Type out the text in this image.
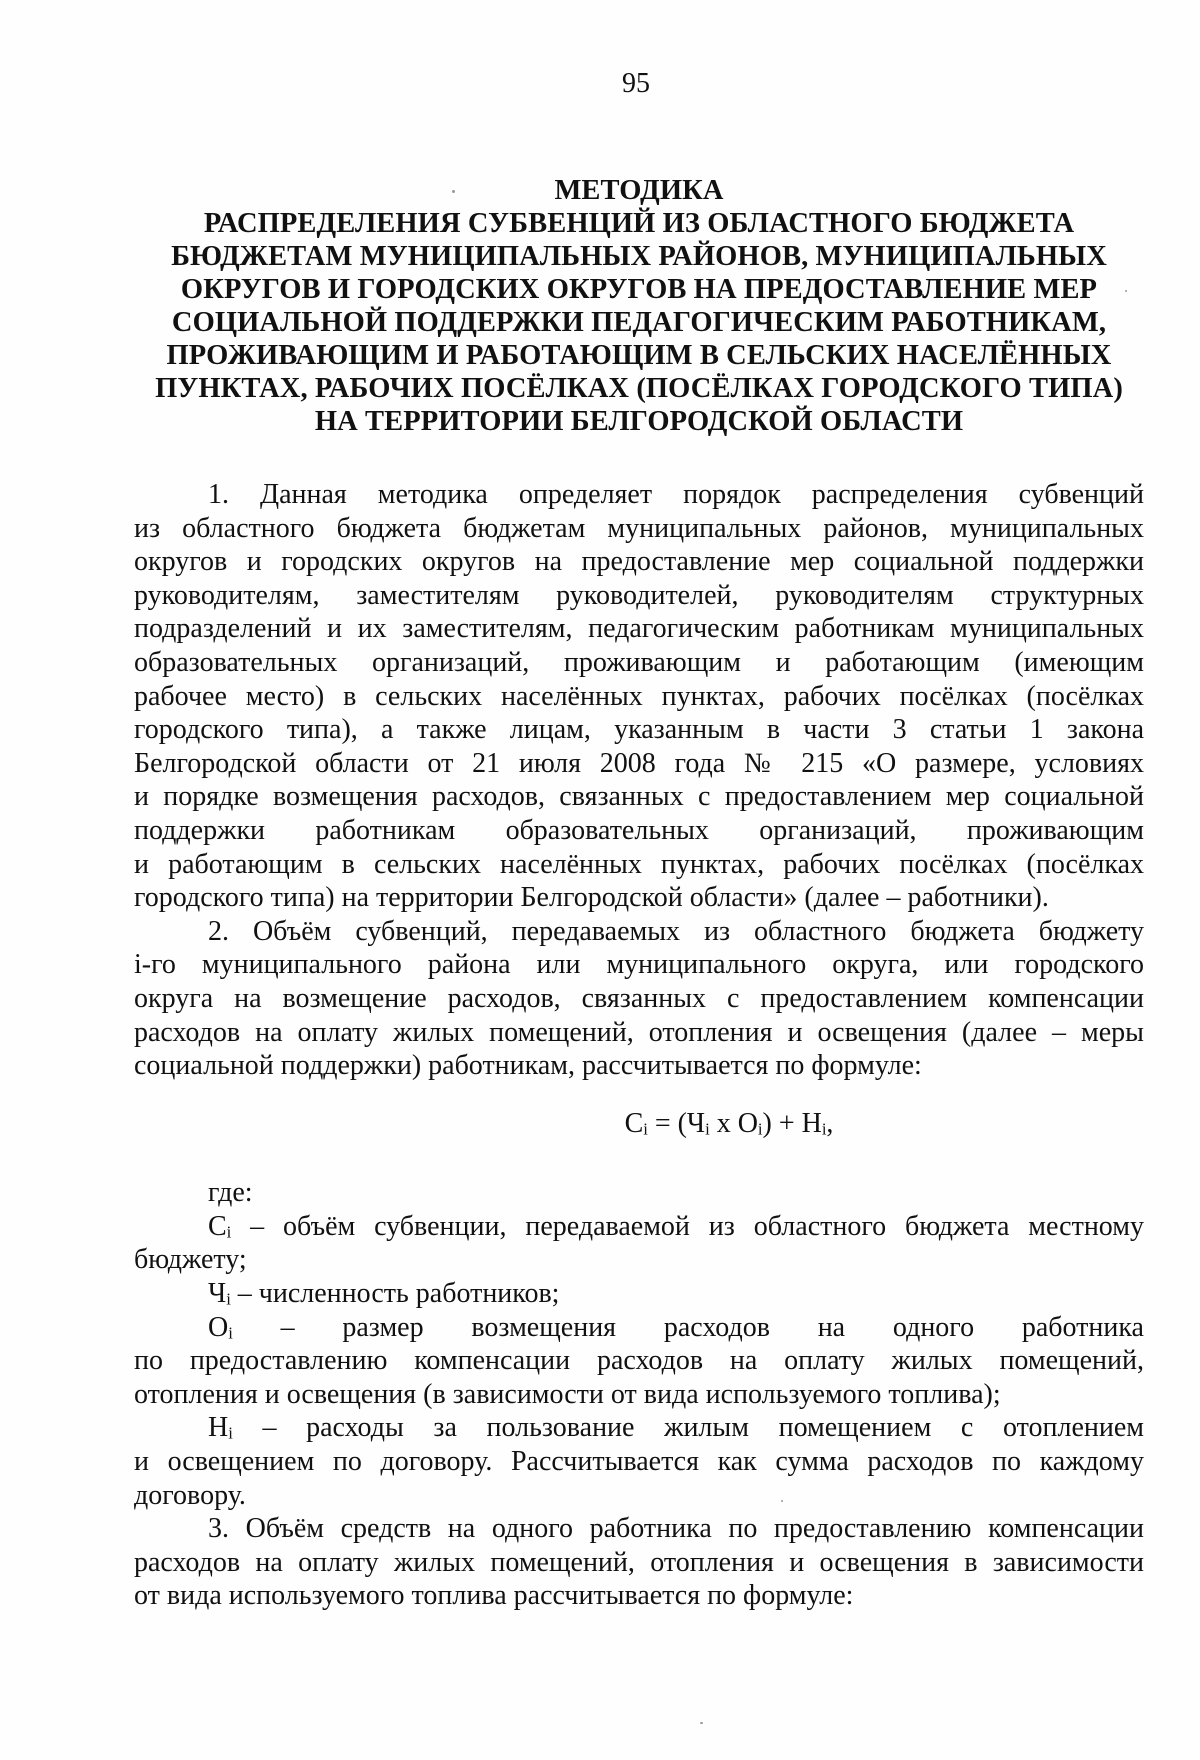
95
МЕТОДИКА
РАСПРЕДЕЛЕНИЯ СУБВЕНЦИЙ ИЗ ОБЛАСТНОГО БЮДЖЕТА
БЮДЖЕТАМ МУНИЦИПАЛЬНЫХ РАЙОНОВ, МУНИЦИПАЛЬНЫХ
ОКРУГОВ И ГОРОДСКИХ ОКРУГОВ НА ПРЕДОСТАВЛЕНИЕ МЕР
СОЦИАЛЬНОЙ ПОДДЕРЖКИ ПЕДАГОГИЧЕСКИМ РАБОТНИКАМ,
ПРОЖИВАЮЩИМ И РАБОТАЮЩИМ В СЕЛЬСКИХ НАСЕЛЁННЫХ
ПУНКТАХ, РАБОЧИХ ПОСЁЛКАХ (ПОСЁЛКАХ ГОРОДСКОГО ТИПА)
НА ТЕРРИТОРИИ БЕЛГОРОДСКОЙ ОБЛАСТИ
1. Данная методика определяет порядок распределения субвенций
из областного бюджета бюджетам муниципальных районов, муниципальных
округов и городских округов на предоставление мер социальной поддержки
руководителям, заместителям руководителей, руководителям структурных
подразделений и их заместителям, педагогическим работникам муниципальных
образовательных организаций, проживающим и работающим (имеющим
рабочее место) в сельских населённых пунктах, рабочих посёлках (посёлках
городского типа), а также лицам, указанным в части 3 статьи 1 закона
Белгородской области от 21 июля 2008 года № 215 «О размере, условиях
и порядке возмещения расходов, связанных с предоставлением мер социальной
поддержки работникам образовательных организаций, проживающим
и работающим в сельских населённых пунктах, рабочих посёлках (посёлках
городского типа) на территории Белгородской области» (далее – работники).
2. Объём субвенций, передаваемых из областного бюджета бюджету
i-го муниципального района или муниципального округа, или городского
округа на возмещение расходов, связанных с предоставлением компенсации
расходов на оплату жилых помещений, отопления и освещения (далее – меры
социальной поддержки) работникам, рассчитывается по формуле:
Cᵢ = (Чᵢ x Oᵢ) + Hᵢ,
где:
Cᵢ – объём субвенции, передаваемой из областного бюджета местному
бюджету;
Чᵢ – численность работников;
Oᵢ – размер возмещения расходов на одного работника
по предоставлению компенсации расходов на оплату жилых помещений,
отопления и освещения (в зависимости от вида используемого топлива);
Hᵢ – расходы за пользование жилым помещением с отоплением
и освещением по договору. Рассчитывается как сумма расходов по каждому
договору.
3. Объём средств на одного работника по предоставлению компенсации
расходов на оплату жилых помещений, отопления и освещения в зависимости
от вида используемого топлива рассчитывается по формуле:
